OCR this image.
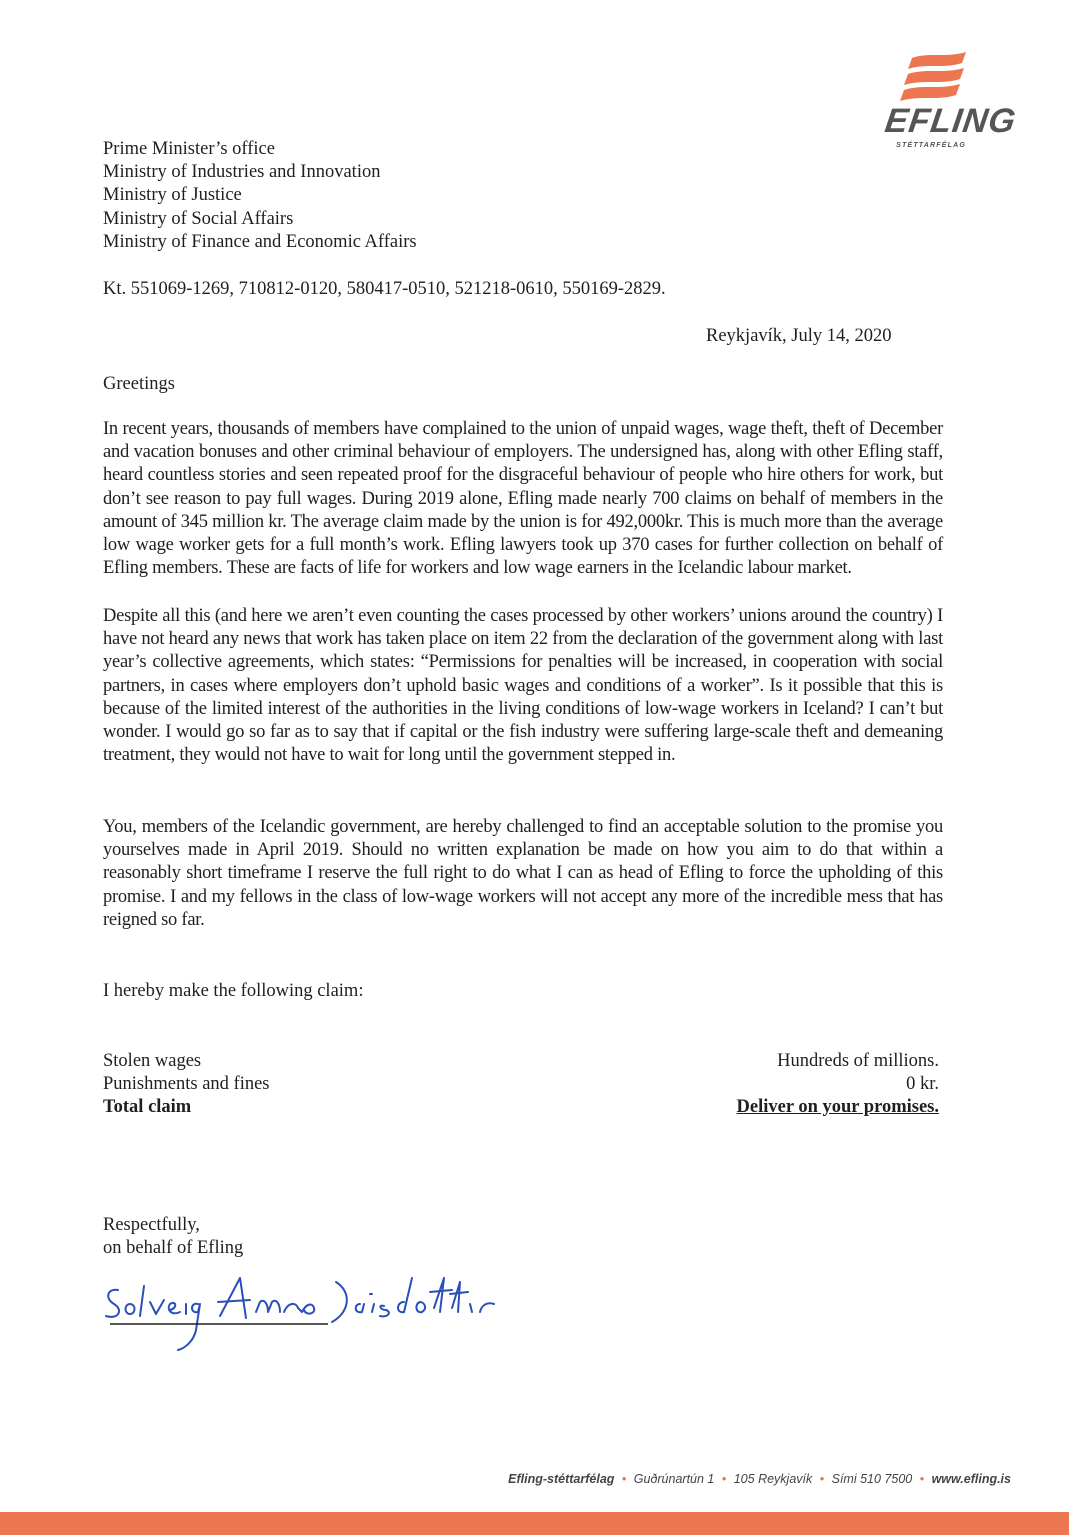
EFLING
STÉTTARFÉLAG
Prime Minister’s office
Ministry of Industries and Innovation
Ministry of Justice
Ministry of Social Affairs
Ministry of Finance and Economic Affairs
Kt. 551069-1269, 710812-0120, 580417-0510, 521218-0610, 550169-2829.
Reykjavík, July 14, 2020
Greetings
In recent years, thousands of members have complained to the union of unpaid wages, wage theft, theft of December and vacation bonuses and other criminal behaviour of employers. The undersigned has, along with other Efling staff, heard countless stories and seen repeated proof for the disgraceful behaviour of people who hire others for work, but don’t see reason to pay full wages. During 2019 alone, Efling made nearly 700 claims on behalf of members in the amount of 345 million kr. The average claim made by the union is for 492,000kr. This is much more than the average low wage worker gets for a full month’s work. Efling lawyers took up 370 cases for further collection on behalf of Efling members. These are facts of life for workers and low wage earners in the Icelandic labour market.
Despite all this (and here we aren’t even counting the cases processed by other workers’ unions around the country) I have not heard any news that work has taken place on item 22 from the declaration of the government along with last year’s collective agreements, which states: “Permissions for penalties will be increased, in cooperation with social partners, in cases where employers don’t uphold basic wages and conditions of a worker”. Is it possible that this is because of the limited interest of the authorities in the living conditions of low-wage workers in Iceland? I can’t but wonder. I would go so far as to say that if capital or the fish industry were suffering large-scale theft and demeaning treatment, they would not have to wait for long until the government stepped in.
You, members of the Icelandic government, are hereby challenged to find an acceptable solution to the promise you yourselves made in April 2019. Should no written explanation be made on how you aim to do that within a reasonably short timeframe I reserve the full right to do what I can as head of Efling to force the upholding of this promise. I and my fellows in the class of low-wage workers will not accept any more of the incredible mess that has reigned so far.
I hereby make the following claim:
Stolen wages
Punishments and fines
Total claim
Hundreds of millions.
0 kr.
Deliver on your promises.
Respectfully,
on behalf of Efling
Efling-stéttarfélag • Guðrúnartún 1 • 105 Reykjavík • Sími 510 7500 • www.efling.is
